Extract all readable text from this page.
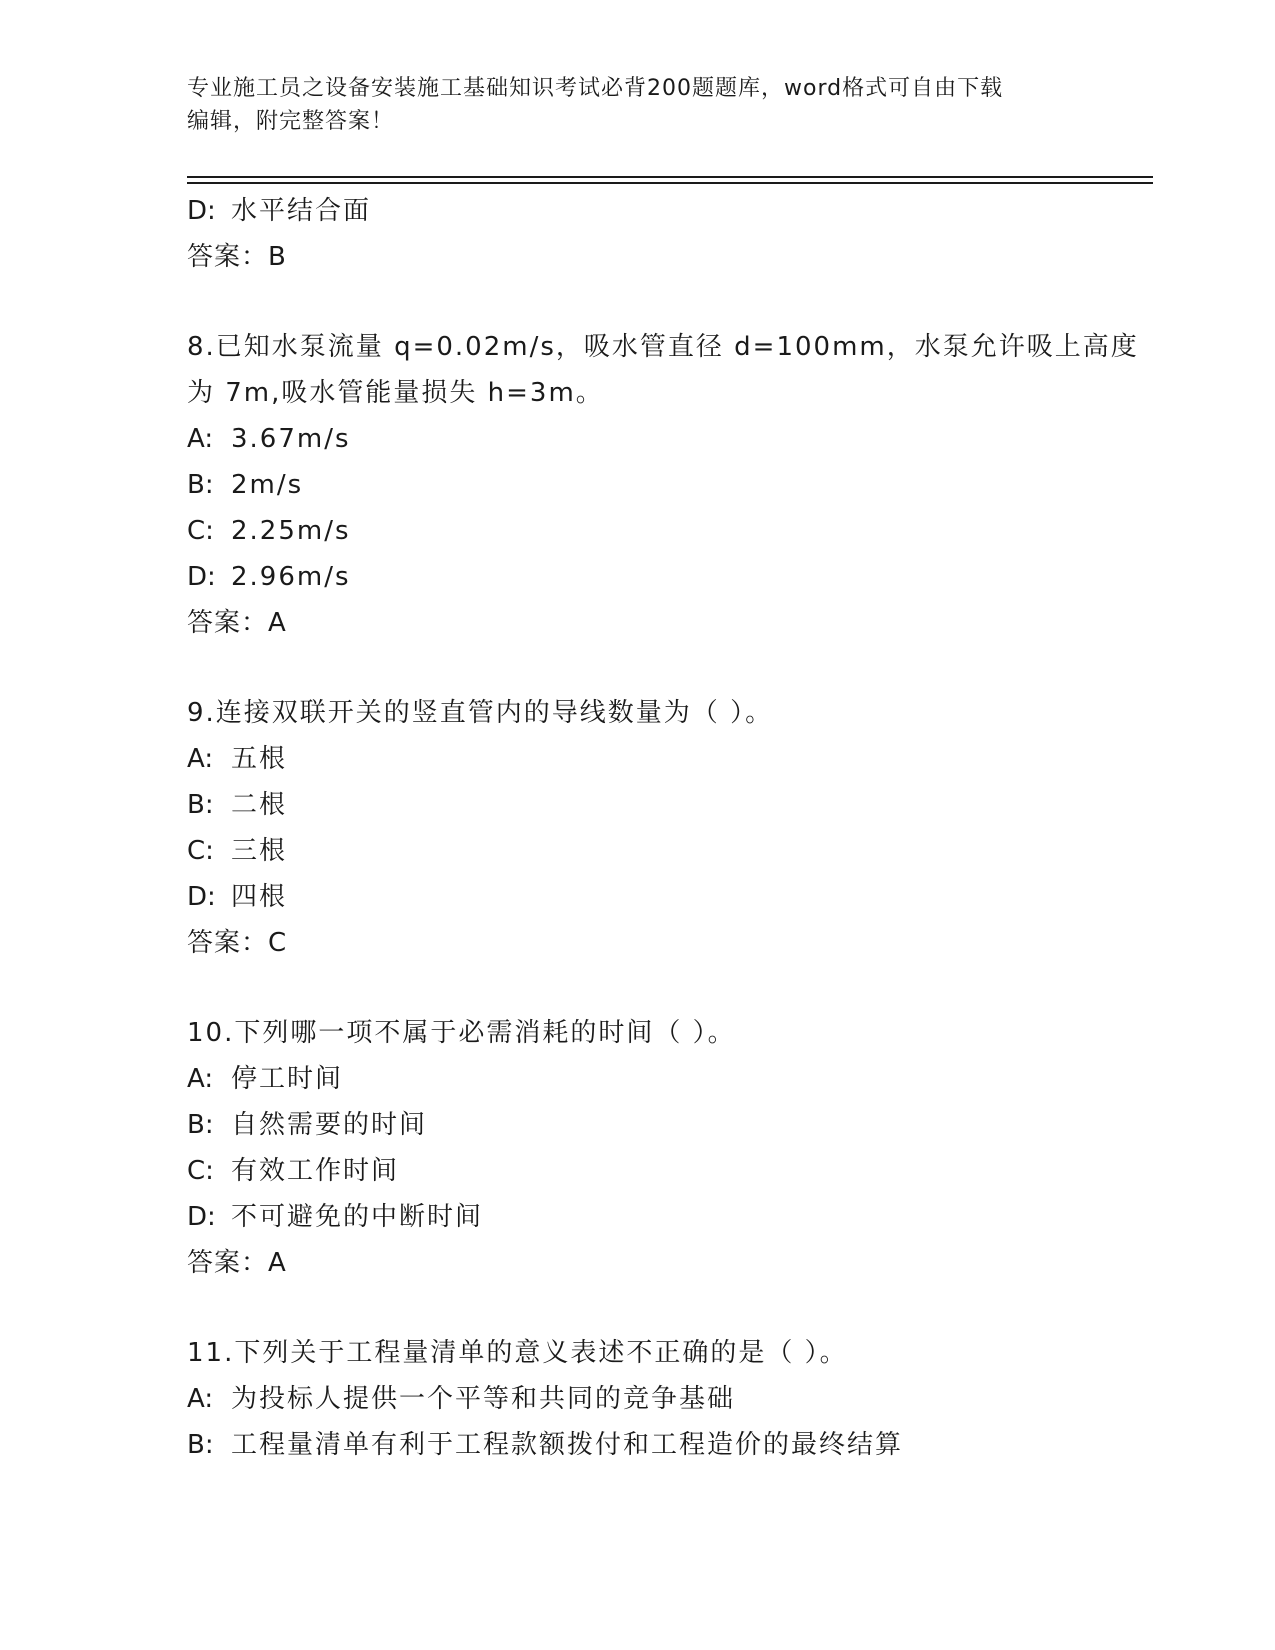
专业施工员之设备安装施工基础知识考试必背200题题库，word格式可自由下载
编辑，附完整答案！
D: 水平结合面
答案：B
8.已知水泵流量 q=0.02m/s，吸水管直径 d=100mm，水泵允许吸上高度
为 7m,吸水管能量损失 h=3m。
A: 3.67m/s
B: 2m/s
C: 2.25m/s
D: 2.96m/s
答案：A
9.连接双联开关的竖直管内的导线数量为（ ）。
A: 五根
B: 二根
C: 三根
D: 四根
答案：C
10.下列哪一项不属于必需消耗的时间（ ）。
A: 停工时间
B: 自然需要的时间
C: 有效工作时间
D: 不可避免的中断时间
答案：A
11.下列关于工程量清单的意义表述不正确的是（ ）。
A: 为投标人提供一个平等和共同的竞争基础
B: 工程量清单有利于工程款额拨付和工程造价的最终结算
